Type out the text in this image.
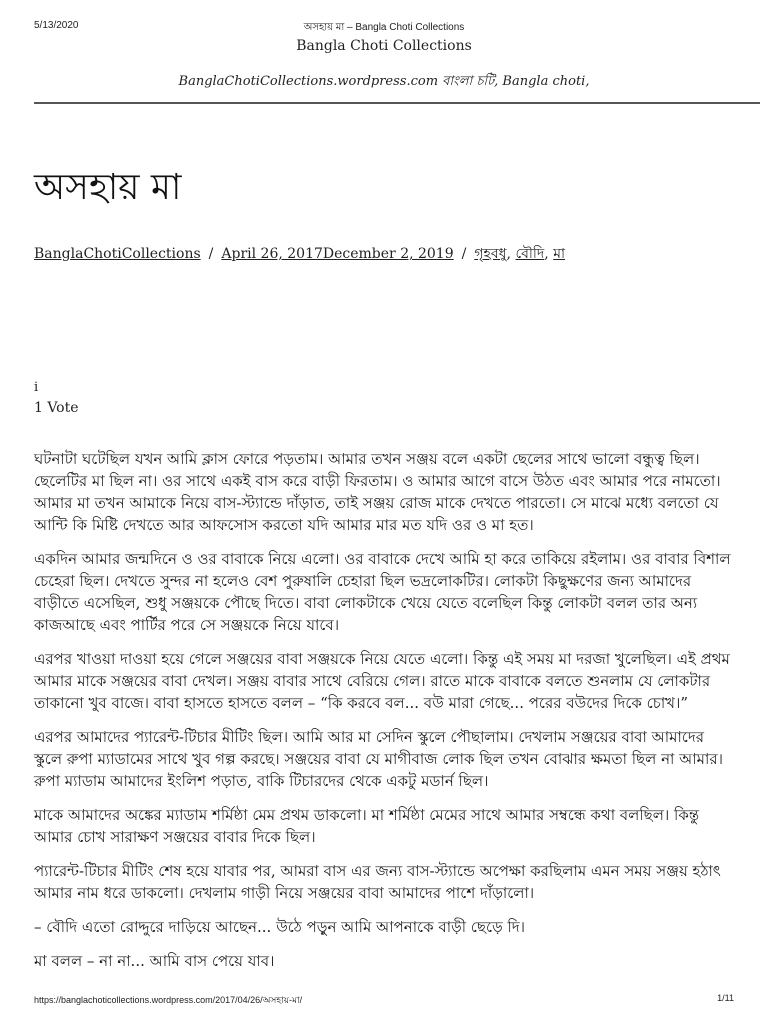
5/13/2020	অসহায় মা – Bangla Choti Collections
Bangla Choti Collections
BanglaChotiCollections.wordpress.com বাংলা চটি, Bangla choti,
অসহায় মা
BanglaChotiCollections / April 26, 2017December 2, 2019 / গৃহবধু, বৌদি, মা
i
1 Vote

ঘটনাটা ঘটেছিল যখন আমি ক্লাস ফোরে পড়তাম। আমার তখন সঞ্জয় বলে একটা ছেলের সাথে ভালো বন্ধুত্ব ছিল। ছেলেটির মা ছিল না। ওর সাথে একই বাস করে বাড়ী ফিরতাম। ও আমার আগে বাসে উঠত এবং আমার পরে নামতো। আমার মা তখন আমাকে নিয়ে বাস-স্ট্যান্ডে দাঁড়াত, তাই সঞ্জয় রোজ মাকে দেখতে পারতো। সে মাঝে মধ্যে বলতো যে আন্টি কি মিষ্টি দেখতে আর আফসোস করতো যদি আমার মার মত যদি ওর ও মা হত।

একদিন আমার জন্মদিনে ও ওর বাবাকে নিয়ে এলো। ওর বাবাকে দেখে আমি হা করে তাকিয়ে রইলাম। ওর বাবার বিশাল চেহেরা ছিল। দেখতে সুন্দর না হলেও বেশ পুরুষালি চেহারা ছিল ভদ্রলোকটির। লোকটা কিছুক্ষণের জন্য আমাদের বাড়ীতে এসেছিল, শুধু সঞ্জয়কে পৌছে দিতে। বাবা লোকটাকে খেয়ে যেতে বলেছিল কিন্তু লোকটা বলল তার অন্য কাজআছে এবং পার্টির পরে সে সঞ্জয়কে নিয়ে যাবে।

এরপর খাওয়া দাওয়া হয়ে গেলে সঞ্জয়ের বাবা সঞ্জয়কে নিয়ে যেতে এলো। কিন্তু এই সময় মা দরজা খুলেছিল। এই প্রথম আমার মাকে সঞ্জয়ের বাবা দেখল। সঞ্জয় বাবার সাথে বেরিয়ে গেল। রাতে মাকে বাবাকে বলতে শুনলাম যে লোকটার তাকানো খুব বাজে। বাবা হাসতে হাসতে বলল – “কি করবে বল... বউ মারা গেছে... পরের বউদের দিকে চোখ।”

এরপর আমাদের প্যারেন্ট-টিচার মীটিং ছিল। আমি আর মা সেদিন স্কুলে পৌছালাম। দেখলাম সঞ্জয়ের বাবা আমাদের স্কুলে রুপা ম্যাডামের সাথে খুব গল্প করছে। সঞ্জয়ের বাবা যে মাগীবাজ লোক ছিল তখন বোঝার ক্ষমতা ছিল না আমার। রুপা ম্যাডাম আমাদের ইংলিশ পড়াত, বাকি টিচারদের থেকে একটু মডার্ন ছিল।

মাকে আমাদের অঙ্কের ম্যাডাম শর্মিষ্ঠা মেম প্রথম ডাকলো। মা শর্মিষ্ঠা মেমের সাথে আমার সম্বন্ধে কথা বলছিল। কিন্তু আমার চোখ সারাক্ষণ সঞ্জয়ের বাবার দিকে ছিল।

প্যারেন্ট-টিচার মীটিং শেষ হয়ে যাবার পর, আমরা বাস এর জন্য বাস-স্ট্যান্ডে অপেক্ষা করছিলাম এমন সময় সঞ্জয় হঠাৎ আমার নাম ধরে ডাকলো। দেখলাম গাড়ী নিয়ে সঞ্জয়ের বাবা আমাদের পাশে দাঁড়ালো।

– বৌদি এতো রোদ্দুরে দাড়িয়ে আছেন... উঠে পড়ুন আমি আপনাকে বাড়ী ছেড়ে দি।

মা বলল – না না... আমি বাস পেয়ে যাব।

https://banglachoticollections.wordpress.com/2017/04/26/অসহায়-মা/	1/11
